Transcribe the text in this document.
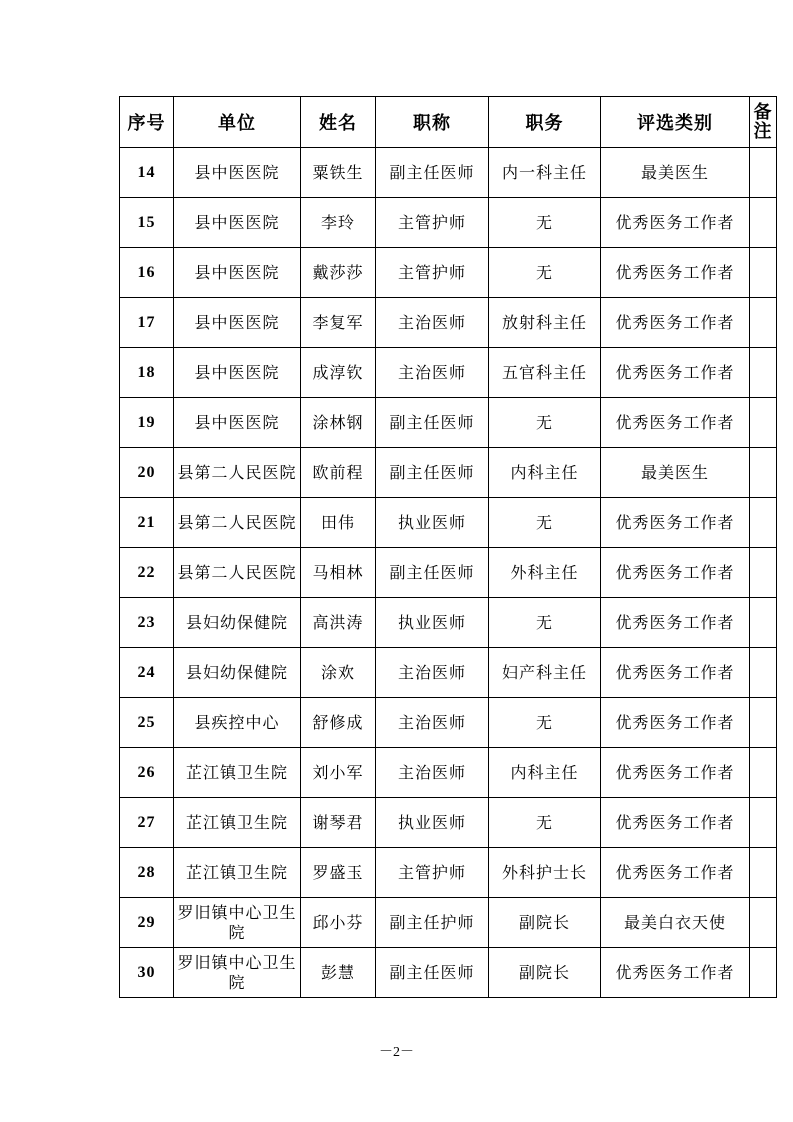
序号	单位	姓名	职称	职务	评选类别	备注
14	县中医医院	粟铁生	副主任医师	内一科主任	最美医生	
15	县中医医院	李玲	主管护师	无	优秀医务工作者	
16	县中医医院	戴莎莎	主管护师	无	优秀医务工作者	
17	县中医医院	李复军	主治医师	放射科主任	优秀医务工作者	
18	县中医医院	成淳钦	主治医师	五官科主任	优秀医务工作者	
19	县中医医院	涂林钢	副主任医师	无	优秀医务工作者	
20	县第二人民医院	欧前程	副主任医师	内科主任	最美医生	
21	县第二人民医院	田伟	执业医师	无	优秀医务工作者	
22	县第二人民医院	马相林	副主任医师	外科主任	优秀医务工作者	
23	县妇幼保健院	高洪涛	执业医师	无	优秀医务工作者	
24	县妇幼保健院	涂欢	主治医师	妇产科主任	优秀医务工作者	
25	县疾控中心	舒修成	主治医师	无	优秀医务工作者	
26	芷江镇卫生院	刘小军	主治医师	内科主任	优秀医务工作者	
27	芷江镇卫生院	谢琴君	执业医师	无	优秀医务工作者	
28	芷江镇卫生院	罗盛玉	主管护师	外科护士长	优秀医务工作者	
29	罗旧镇中心卫生院	邱小芬	副主任护师	副院长	最美白衣天使	
30	罗旧镇中心卫生院	彭慧	副主任医师	副院长	优秀医务工作者	
－2－
